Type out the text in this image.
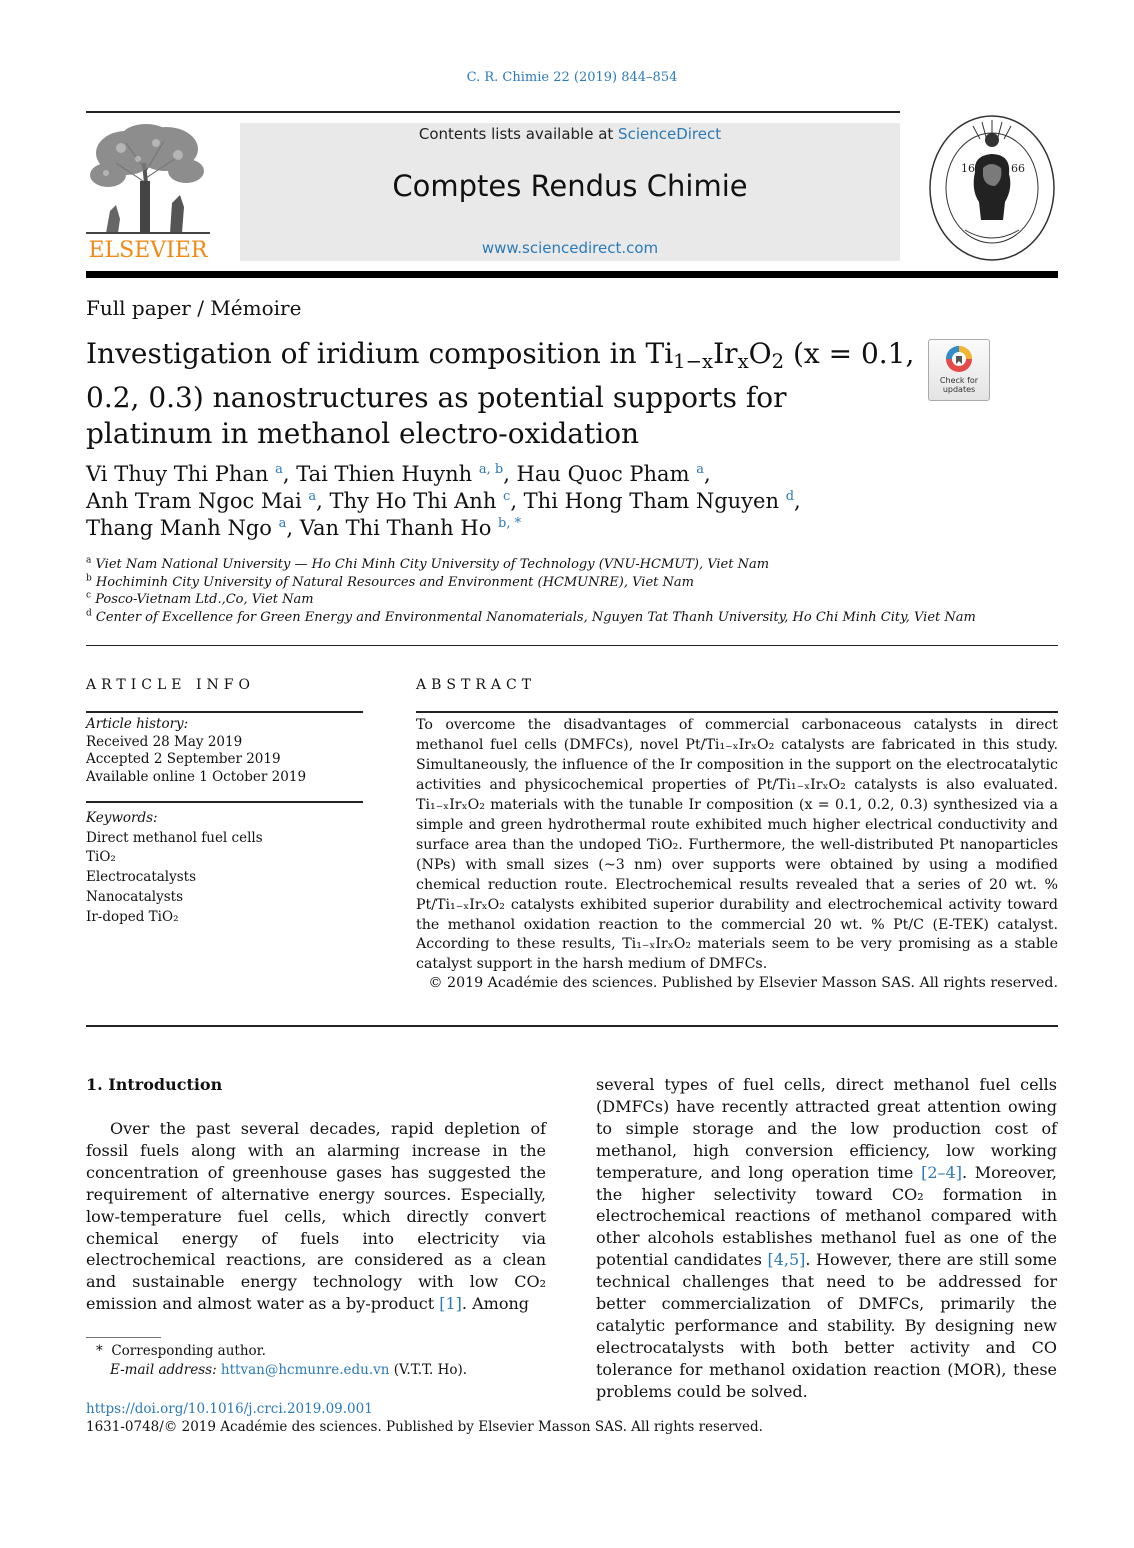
C. R. Chimie 22 (2019) 844–854
ELSEVIER
Contents lists available at ScienceDirect
Comptes Rendus Chimie
www.sciencedirect.com
16	66
Full paper / Mémoire
Investigation of iridium composition in Ti1−xIrxO2 (x = 0.1, 0.2, 0.3) nanostructures as potential supports for platinum in methanol electro-oxidation
Check for updates
Vi Thuy Thi Phan $^a$, Tai Thien Huynh $^{a, b}$, Hau Quoc Pham $^a$,
Anh Tram Ngoc Mai $^a$, Thy Ho Thi Anh $^c$, Thi Hong Tham Nguyen $^d$,
Thang Manh Ngo $^a$, Van Thi Thanh Ho $^{b, *}$
$^a$ Viet Nam National University — Ho Chi Minh City University of Technology (VNU-HCMUT), Viet Nam
$^b$ Hochiminh City University of Natural Resources and Environment (HCMUNRE), Viet Nam
$^c$ Posco-Vietnam Ltd.,Co, Viet Nam
$^d$ Center of Excellence for Green Energy and Environmental Nanomaterials, Nguyen Tat Thanh University, Ho Chi Minh City, Viet Nam
ARTICLE INFO
Article history:
Received 28 May 2019
Accepted 2 September 2019
Available online 1 October 2019
Keywords:
Direct methanol fuel cells
TiO₂
Electrocatalysts
Nanocatalysts
Ir-doped TiO₂
ABSTRACT
To overcome the disadvantages of commercial carbonaceous catalysts in direct methanol fuel cells (DMFCs), novel Pt/Ti₁₋ₓIrₓO₂ catalysts are fabricated in this study. Simultaneously, the influence of the Ir composition in the support on the electrocatalytic activities and physicochemical properties of Pt/Ti₁₋ₓIrₓO₂ catalysts is also evaluated. Ti₁₋ₓIrₓO₂ materials with the tunable Ir composition (x = 0.1, 0.2, 0.3) synthesized via a simple and green hydrothermal route exhibited much higher electrical conductivity and surface area than the undoped TiO₂. Furthermore, the well-distributed Pt nanoparticles (NPs) with small sizes (~3 nm) over supports were obtained by using a modified chemical reduction route. Electrochemical results revealed that a series of 20 wt. % Pt/Ti₁₋ₓIrₓO₂ catalysts exhibited superior durability and electrochemical activity toward the methanol oxidation reaction to the commercial 20 wt. % Pt/C (E-TEK) catalyst. According to these results, Ti₁₋ₓIrₓO₂ materials seem to be very promising as a stable catalyst support in the harsh medium of DMFCs.
© 2019 Académie des sciences. Published by Elsevier Masson SAS. All rights reserved.
1. Introduction

Over the past several decades, rapid depletion of fossil fuels along with an alarming increase in the concentration of greenhouse gases has suggested the requirement of alternative energy sources. Especially, low-temperature fuel cells, which directly convert chemical energy of fuels into electricity via electrochemical reactions, are considered as a clean and sustainable energy technology with low CO₂ emission and almost water as a by-product [1]. Among

several types of fuel cells, direct methanol fuel cells (DMFCs) have recently attracted great attention owing to simple storage and the low production cost of methanol, high conversion efficiency, low working temperature, and long operation time [2–4]. Moreover, the higher selectivity toward CO₂ formation in electrochemical reactions of methanol compared with other alcohols establishes methanol fuel as one of the potential candidates [4,5]. However, there are still some technical challenges that need to be addressed for better commercialization of DMFCs, primarily the catalytic performance and stability. By designing new electrocatalysts with both better activity and CO tolerance for methanol oxidation reaction (MOR), these problems could be solved.

* Corresponding author.
E-mail address: httvan@hcmunre.edu.vn (V.T.T. Ho).
https://doi.org/10.1016/j.crci.2019.09.001
1631-0748/© 2019 Académie des sciences. Published by Elsevier Masson SAS. All rights reserved.
